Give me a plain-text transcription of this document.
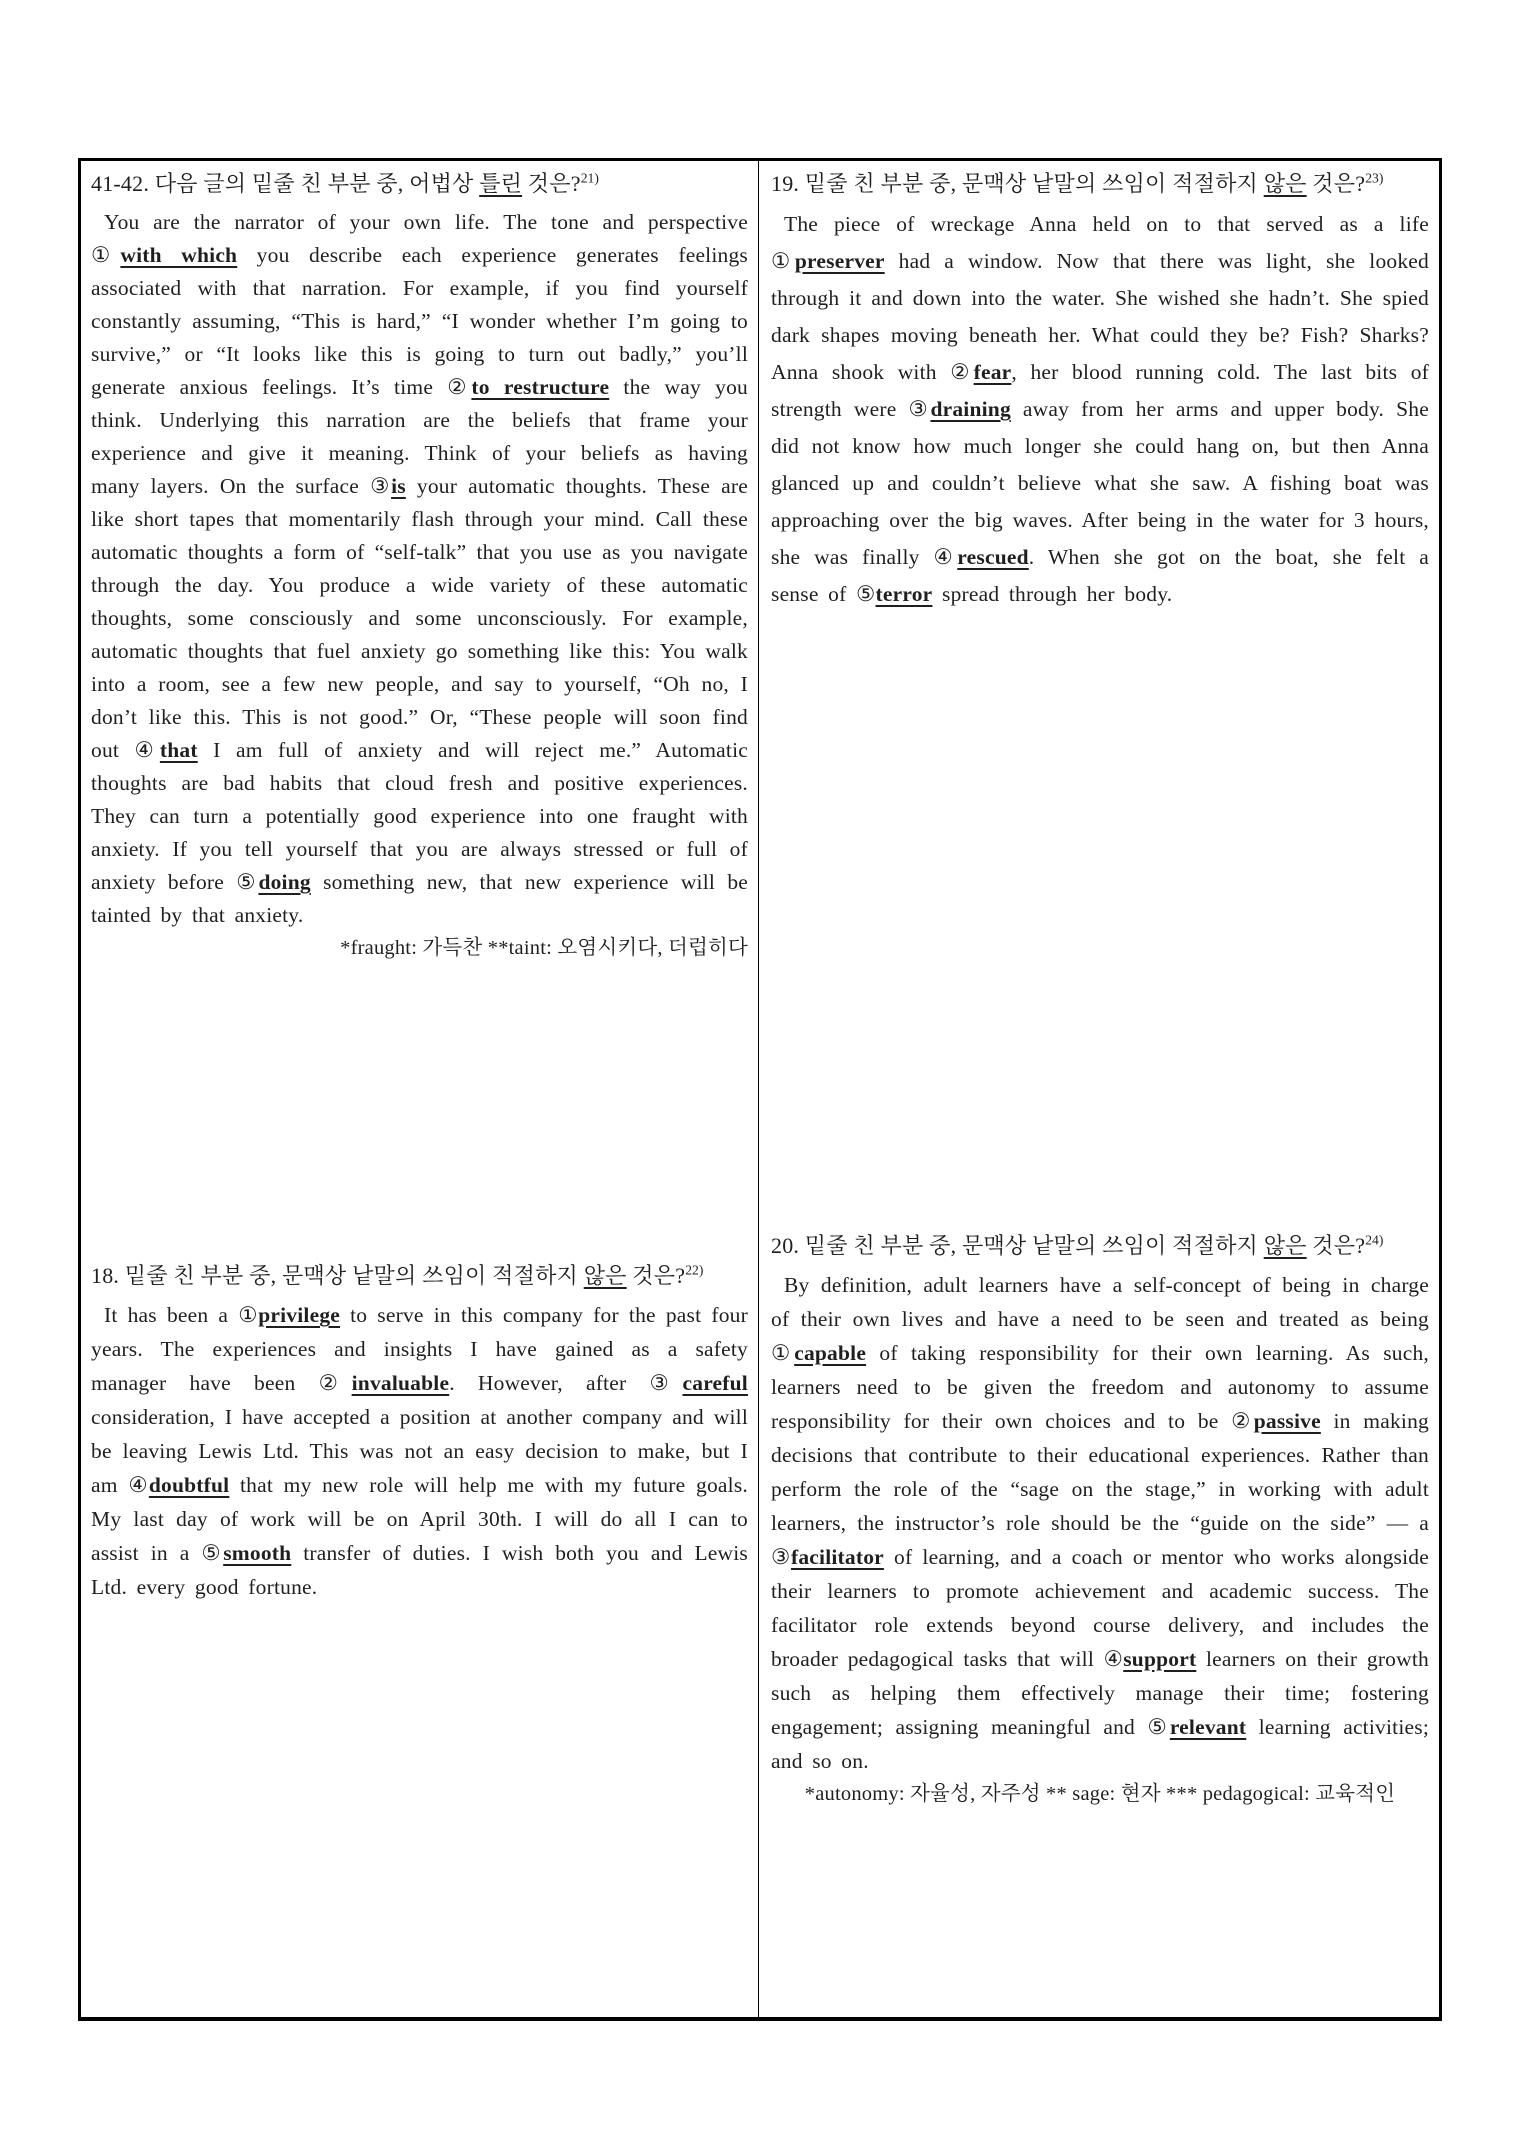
41-42. 다음 글의 밑줄 친 부분 중, 어법상 틀린 것은?$^{21)}$
You are the narrator of your own life. The tone and perspective ①with which you describe each experience generates feelings associated with that narration. For example, if you find yourself constantly assuming, “This is hard,” “I wonder whether I’m going to survive,” or “It looks like this is going to turn out badly,” you’ll generate anxious feelings. It’s time ②to restructure the way you think. Underlying this narration are the beliefs that frame your experience and give it meaning. Think of your beliefs as having many layers. On the surface ③is your automatic thoughts. These are like short tapes that momentarily flash through your mind. Call these automatic thoughts a form of “self-talk” that you use as you navigate through the day. You produce a wide variety of these automatic thoughts, some consciously and some unconsciously. For example, automatic thoughts that fuel anxiety go something like this: You walk into a room, see a few new people, and say to yourself, “Oh no, I don’t like this. This is not good.” Or, “These people will soon find out ④that I am full of anxiety and will reject me.” Automatic thoughts are bad habits that cloud fresh and positive experiences. They can turn a potentially good experience into one fraught with anxiety. If you tell yourself that you are always stressed or full of anxiety before ⑤doing something new, that new experience will be tainted by that anxiety.
*fraught: 가득찬 **taint: 오염시키다, 더럽히다
18. 밑줄 친 부분 중, 문맥상 낱말의 쓰임이 적절하지 않은 것은?$^{22)}$
It has been a ①privilege to serve in this company for the past four years. The experiences and insights I have gained as a safety manager have been ②invaluable. However, after ③careful consideration, I have accepted a position at another company and will be leaving Lewis Ltd. This was not an easy decision to make, but I am ④doubtful that my new role will help me with my future goals. My last day of work will be on April 30th. I will do all I can to assist in a ⑤smooth transfer of duties. I wish both you and Lewis Ltd. every good fortune.
19. 밑줄 친 부분 중, 문맥상 낱말의 쓰임이 적절하지 않은 것은?$^{23)}$
The piece of wreckage Anna held on to that served as a life ①preserver had a window. Now that there was light, she looked through it and down into the water. She wished she hadn’t. She spied dark shapes moving beneath her. What could they be? Fish? Sharks? Anna shook with ②fear, her blood running cold. The last bits of strength were ③draining away from her arms and upper body. She did not know how much longer she could hang on, but then Anna glanced up and couldn’t believe what she saw. A fishing boat was approaching over the big waves. After being in the water for 3 hours, she was finally ④rescued. When she got on the boat, she felt a sense of ⑤terror spread through her body.
20. 밑줄 친 부분 중, 문맥상 낱말의 쓰임이 적절하지 않은 것은?$^{24)}$
By definition, adult learners have a self-concept of being in charge of their own lives and have a need to be seen and treated as being ①capable of taking responsibility for their own learning. As such, learners need to be given the freedom and autonomy to assume responsibility for their own choices and to be ②passive in making decisions that contribute to their educational experiences. Rather than perform the role of the “sage on the stage,” in working with adult learners, the instructor’s role should be the “guide on the side” — a ③facilitator of learning, and a coach or mentor who works alongside their learners to promote achievement and academic success. The facilitator role extends beyond course delivery, and includes the broader pedagogical tasks that will ④support learners on their growth such as helping them effectively manage their time; fostering engagement; assigning meaningful and ⑤relevant learning activities; and so on.
*autonomy: 자율성, 자주성 ** sage: 현자 *** pedagogical: 교육적인
